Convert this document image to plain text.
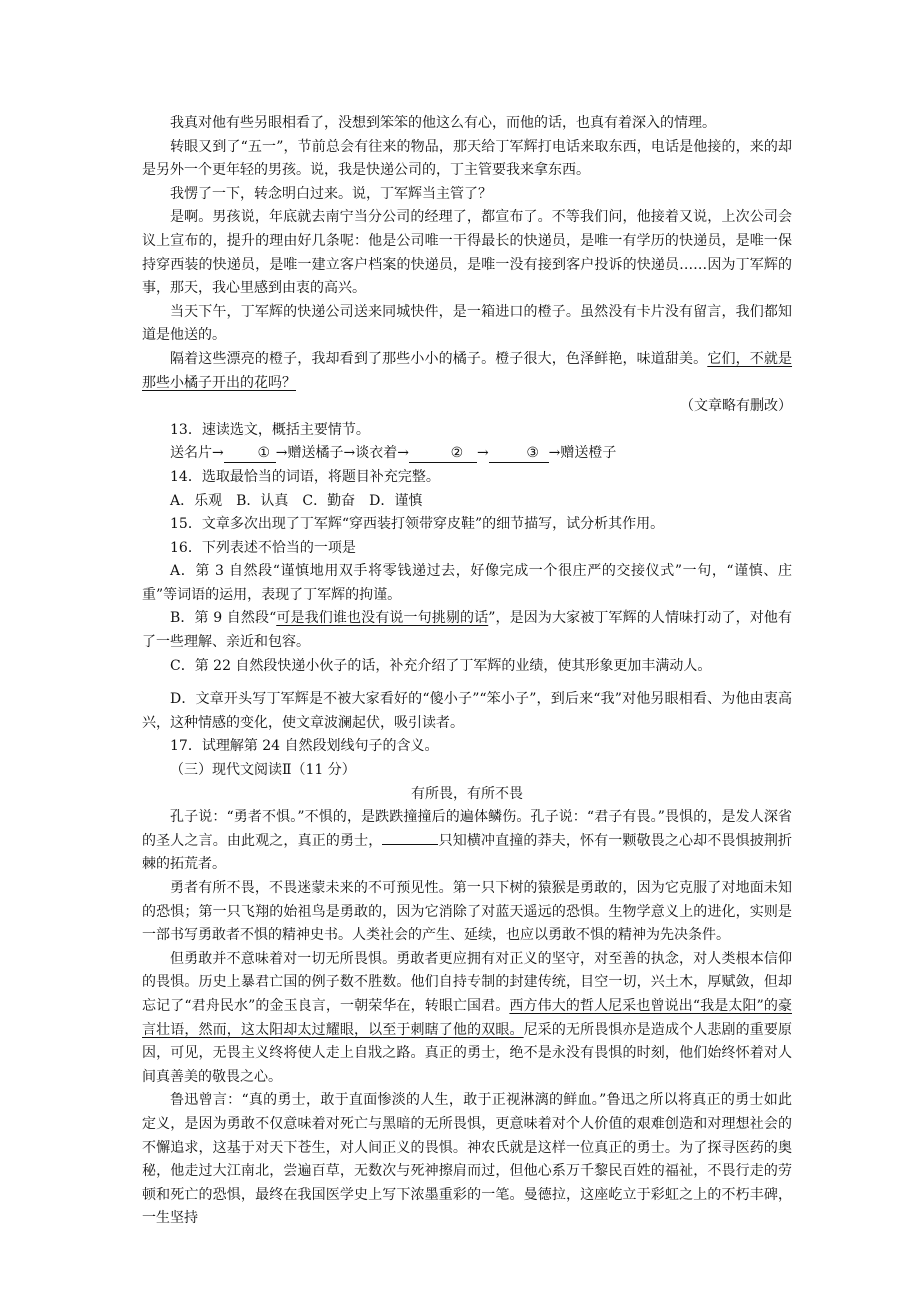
我真对他有些另眼相看了，没想到笨笨的他这么有心，而他的话，也真有着深入的情理。

转眼又到了“五一”，节前总会有往来的物品，那天给丁军辉打电话来取东西，电话是他接的，来的却是另外一个更年轻的男孩。说，我是快递公司的，丁主管要我来拿东西。

我愣了一下，转念明白过来。说，丁军辉当主管了？

是啊。男孩说，年底就去南宁当分公司的经理了，都宣布了。不等我们问，他接着又说，上次公司会议上宣布的，提升的理由好几条呢：他是公司唯一干得最长的快递员，是唯一有学历的快递员，是唯一保持穿西装的快递员，是唯一建立客户档案的快递员，是唯一没有接到客户投诉的快递员……因为丁军辉的事，那天，我心里感到由衷的高兴。

当天下午，丁军辉的快递公司送来同城快件，是一箱进口的橙子。虽然没有卡片没有留言，我们都知道是他送的。

隔着这些漂亮的橙子，我却看到了那些小小的橘子。橙子很大，色泽鲜艳，味道甜美。它们，不就是那些小橘子开出的花吗？

（文章略有删改）

13．速读选文，概括主要情节。

送名片→ ① →赠送橘子→谈衣着→	② →	③ →赠送橙子

14．选取最恰当的词语，将题目补充完整。

A．乐观　B．认真　C．勤奋　D．谨慎

15．文章多次出现了丁军辉“穿西装打领带穿皮鞋”的细节描写，试分析其作用。

16．下列表述不恰当的一项是

A．第 3 自然段“谨慎地用双手将零钱递过去，好像完成一个很庄严的交接仪式”一句，“谨慎、庄重”等词语的运用，表现了丁军辉的拘谨。

B．第 9 自然段“可是我们谁也没有说一句挑剔的话”，是因为大家被丁军辉的人情味打动了，对他有了一些理解、亲近和包容。

C．第 22 自然段快递小伙子的话，补充介绍了丁军辉的业绩，使其形象更加丰满动人。

D．文章开头写丁军辉是不被大家看好的“傻小子”“笨小子”，到后来“我”对他另眼相看、为他由衷高兴，这种情感的变化，使文章波澜起伏，吸引读者。

17．试理解第 24 自然段划线句子的含义。

（三）现代文阅读Ⅱ（11 分）

有所畏，有所不畏

孔子说：“勇者不惧。”不惧的，是跌跌撞撞后的遍体鳞伤。孔子说：“君子有畏。”畏惧的，是发人深省的圣人之言。由此观之，真正的勇士，	只知横冲直撞的莽夫，怀有一颗敬畏之心却不畏惧披荆折棘的拓荒者。

勇者有所不畏，不畏迷蒙未来的不可预见性。第一只下树的猿猴是勇敢的，因为它克服了对地面未知的恐惧；第一只飞翔的始祖鸟是勇敢的，因为它消除了对蓝天遥远的恐惧。生物学意义上的进化，实则是一部书写勇敢者不惧的精神史书。人类社会的产生、延续，也应以勇敢不惧的精神为先决条件。

但勇敢并不意味着对一切无所畏惧。勇敢者更应拥有对正义的坚守，对至善的执念，对人类根本信仰的畏惧。历史上暴君亡国的例子数不胜数。他们自持专制的封建传统，目空一切，兴土木，厚赋敛，但却忘记了“君舟民水”的金玉良言，一朝荣华在，转眼亡国君。西方伟大的哲人尼采也曾说出“我是太阳”的豪言壮语，然而，这太阳却太过耀眼，以至于刺瞎了他的双眼。尼采的无所畏惧亦是造成个人悲剧的重要原因，可见，无畏主义终将使人走上自戕之路。真正的勇士，绝不是永没有畏惧的时刻，他们始终怀着对人间真善美的敬畏之心。

鲁迅曾言：“真的勇士，敢于直面惨淡的人生，敢于正视淋漓的鲜血。”鲁迅之所以将真正的勇士如此定义，是因为勇敢不仅意味着对死亡与黑暗的无所畏惧，更意味着对个人价值的艰难创造和对理想社会的不懈追求，这基于对天下苍生，对人间正义的畏惧。神农氏就是这样一位真正的勇士。为了探寻医药的奥秘，他走过大江南北，尝遍百草，无数次与死神擦肩而过，但他心系万千黎民百姓的福祉，不畏行走的劳顿和死亡的恐惧，最终在我国医学史上写下浓墨重彩的一笔。曼德拉，这座屹立于彩虹之上的不朽丰碑，一生坚持
